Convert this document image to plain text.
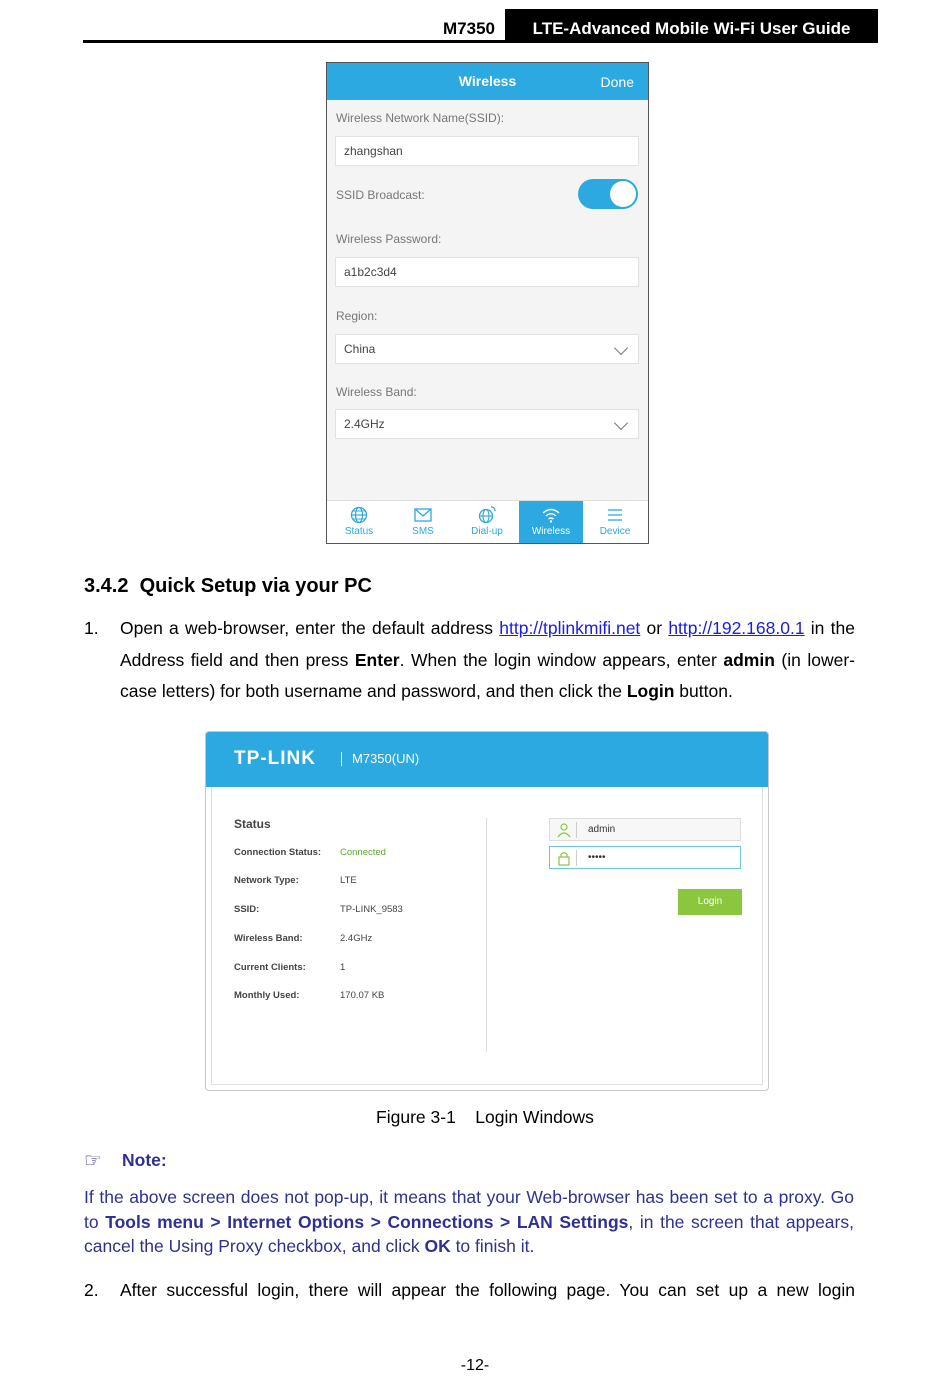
M7350	LTE-Advanced Mobile Wi-Fi User Guide
Wireless	Done
Wireless Network Name(SSID):
zhangshan
SSID Broadcast:
Wireless Password:
a1b2c3d4
Region:
China
Wireless Band:
2.4GHz
Status	SMS	Dial-up	Wireless	Device
3.4.2  Quick Setup via your PC
1. Open a web-browser, enter the default address http://tplinkmifi.net or http://192.168.0.1 in the Address field and then press Enter. When the login window appears, enter admin (in lower-case letters) for both username and password, and then click the Login button.
TP-LINK	M7350(UN)
Status
Connection Status: Connected
Network Type:	LTE
SSID:	TP-LINK_9583
Wireless Band:	2.4GHz
Current Clients:	1
Monthly Used:	170.07 KB
admin
•••••
Login
Figure 3-1    Login Windows
☞ Note:
If the above screen does not pop-up, it means that your Web-browser has been set to a proxy. Go to Tools menu > Internet Options > Connections > LAN Settings, in the screen that appears, cancel the Using Proxy checkbox, and click OK to finish it.
2. After successful login, there will appear the following page. You can set up a new login
-12-
